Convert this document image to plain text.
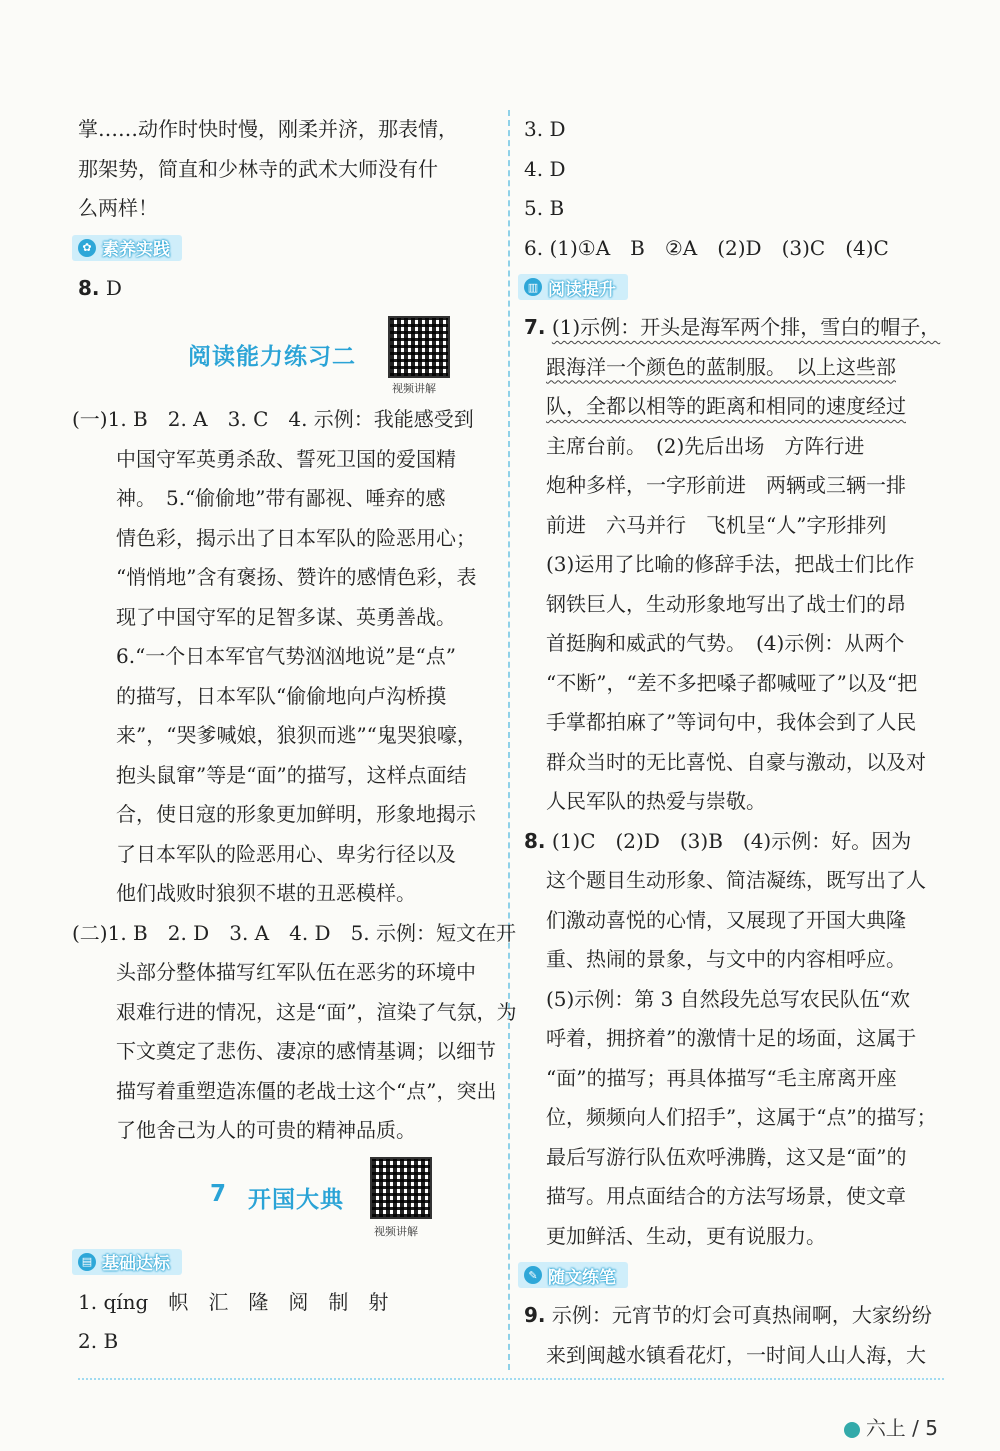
掌……动作时快时慢，刚柔并济，那表情，
那架势，简直和少林寺的武术大师没有什
么两样！
✿ 素养实践
8. D
阅读能力练习二
视频讲解
(一)1. B　2. A　3. C　4. 示例：我能感受到
中国守军英勇杀敌、誓死卫国的爱国精
神。　5.“偷偷地”带有鄙视、唾弃的感
情色彩，揭示出了日本军队的险恶用心；
“悄悄地”含有褒扬、赞许的感情色彩，表
现了中国守军的足智多谋、英勇善战。
6.“一个日本军官气势汹汹地说”是“点”
的描写，日本军队“偷偷地向卢沟桥摸
来”，“哭爹喊娘，狼狈而逃”“鬼哭狼嚎，
抱头鼠窜”等是“面”的描写，这样点面结
合，使日寇的形象更加鲜明，形象地揭示
了日本军队的险恶用心、卑劣行径以及
他们战败时狼狈不堪的丑恶模样。
(二)1. B　2. D　3. A　4. D　5. 示例：短文在开
头部分整体描写红军队伍在恶劣的环境中
艰难行进的情况，这是“面”，渲染了气氛，为
下文奠定了悲伤、凄凉的感情基调；以细节
描写着重塑造冻僵的老战士这个“点”，突出
了他舍己为人的可贵的精神品质。
7 开国大典
视频讲解
▤ 基础达标
1. qíng　帜　汇　隆　阅　制　射
2. B
3. D
4. D
5. B
6. (1)①A　B　②A　(2)D　(3)C　(4)C
▥ 阅读提升
7. (1)示例：开头是海军两个排，雪白的帽子，
跟海洋一个颜色的蓝制服。　以上这些部
队，全都以相等的距离和相同的速度经过
主席台前。　(2)先后出场　方阵行进
炮种多样，一字形前进　两辆或三辆一排
前进　六马并行　飞机呈“人”字形排列
(3)运用了比喻的修辞手法，把战士们比作
钢铁巨人，生动形象地写出了战士们的昂
首挺胸和威武的气势。　(4)示例：从两个
“不断”，“差不多把嗓子都喊哑了”以及“把
手掌都拍麻了”等词句中，我体会到了人民
群众当时的无比喜悦、自豪与激动，以及对
人民军队的热爱与崇敬。
8. (1)C　(2)D　(3)B　(4)示例：好。因为
这个题目生动形象、简洁凝练，既写出了人
们激动喜悦的心情，又展现了开国大典隆
重、热闹的景象，与文中的内容相呼应。
(5)示例：第 3 自然段先总写农民队伍“欢
呼着，拥挤着”的激情十足的场面，这属于
“面”的描写；再具体描写“毛主席离开座
位，频频向人们招手”，这属于“点”的描写；
最后写游行队伍欢呼沸腾，这又是“面”的
描写。用点面结合的方法写场景，使文章
更加鲜活、生动，更有说服力。
✎ 随文练笔
9. 示例：元宵节的灯会可真热闹啊，大家纷纷
来到闽越水镇看花灯，一时间人山人海，大
六上 / 5
